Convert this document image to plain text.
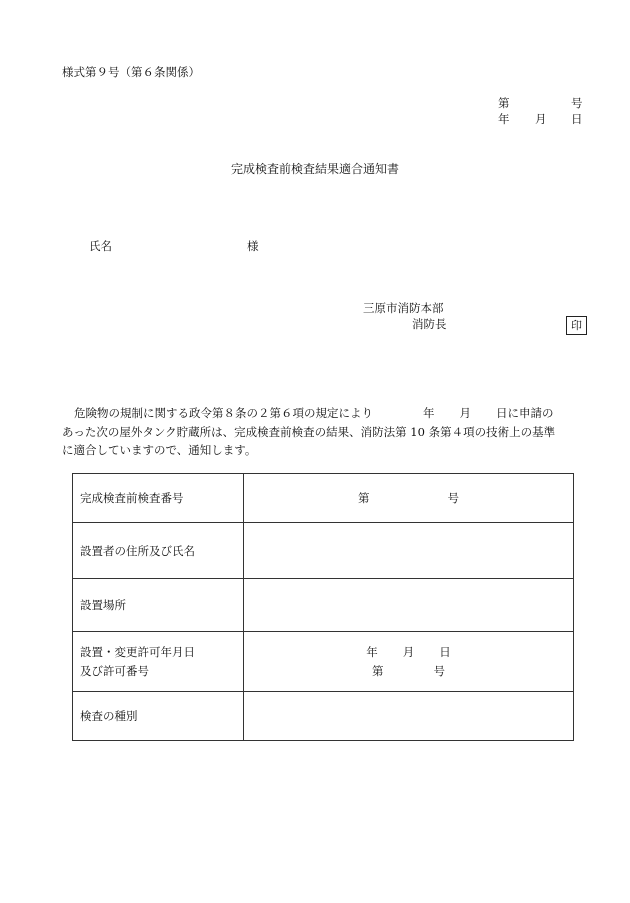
様式第９号（第６条関係）
第	号
年 月 日
完成検査前検査結果適合通知書
氏名	様
三原市消防本部
消防長	印
危険物の規制に関する政令第８条の２第６項の規定により	年 月 日に申請の
あった次の屋外タンク貯蔵所は、完成検査前検査の結果、消防法第 10 条第４項の技術上の基準
に適合していますので、通知します。
完成検査前検査番号	第 号
設置者の住所及び氏名	
設置場所	

設置・変更許可年月日
及び許可番号	年 月 日
第 号

検査の種別	
